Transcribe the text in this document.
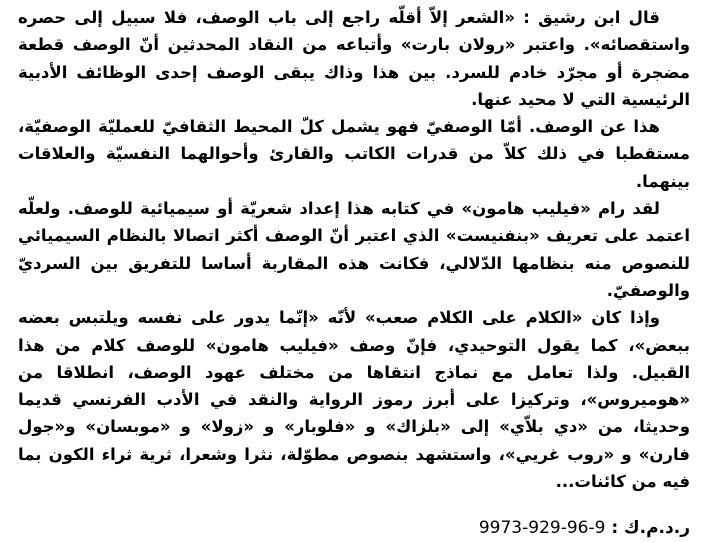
قال ابن رشيق : «الشعر إلاّ أقلّه راجع إلى باب الوصف، فلا سبيل إلى حصره واستقصائه». واعتبر «رولان بارت» وأتباعه من النقاد المحدثين أنّ الوصف قطعة مضجرة أو مجرّد خادم للسرد. بين هذا وذاك يبقى الوصف إحدى الوظائف الأدبية الرئيسية التي لا محيد عنها.

هذا عن الوصف. أمّا الوصفيّ فهو يشمل كلّ المحيط الثقافيّ للعمليّة الوصفيّة، مستقطبا في ذلك كلاّ من قدرات الكاتب والقارئ وأحوالهما النفسيّة والعلاقات بينهما.

لقد رام «فيليب هامون» في كتابه هذا إعداد شعريّة أو سيميائية للوصف. ولعلّه اعتمد على تعريف «بنفنيست» الذي اعتبر أنّ الوصف أكثر اتصالا بالنظام السيميائي للنصوص منه بنظامها الدّلالي، فكانت هذه المقاربة أساسا للتفريق بين السرديّ والوصفيّ.

وإذا كان «الكلام على الكلام صعب» لأنّه «إنّما يدور على نفسه ويلتبس بعضه ببعض»، كما يقول التوحيدي، فإنّ وصف «فيليب هامون» للوصف كلام من هذا القبيل. ولذا تعامل مع نماذج انتقاها من مختلف عهود الوصف، انطلاقا من «هوميروس»، وتركيزا على أبرز رموز الرواية والنقد في الأدب الفرنسي قديما وحديثا، من «دي بلاّي» إلى «بلزاك» و «فلوبار» و «زولا» و «موبسان» و«جول فارن» و «روب غريي»، واستشهد بنصوص مطوّلة، نثرا وشعرا، ثرية ثراء الكون بما فيه من كائنات...

ر.د.م.ك : 9973-929-96-9
